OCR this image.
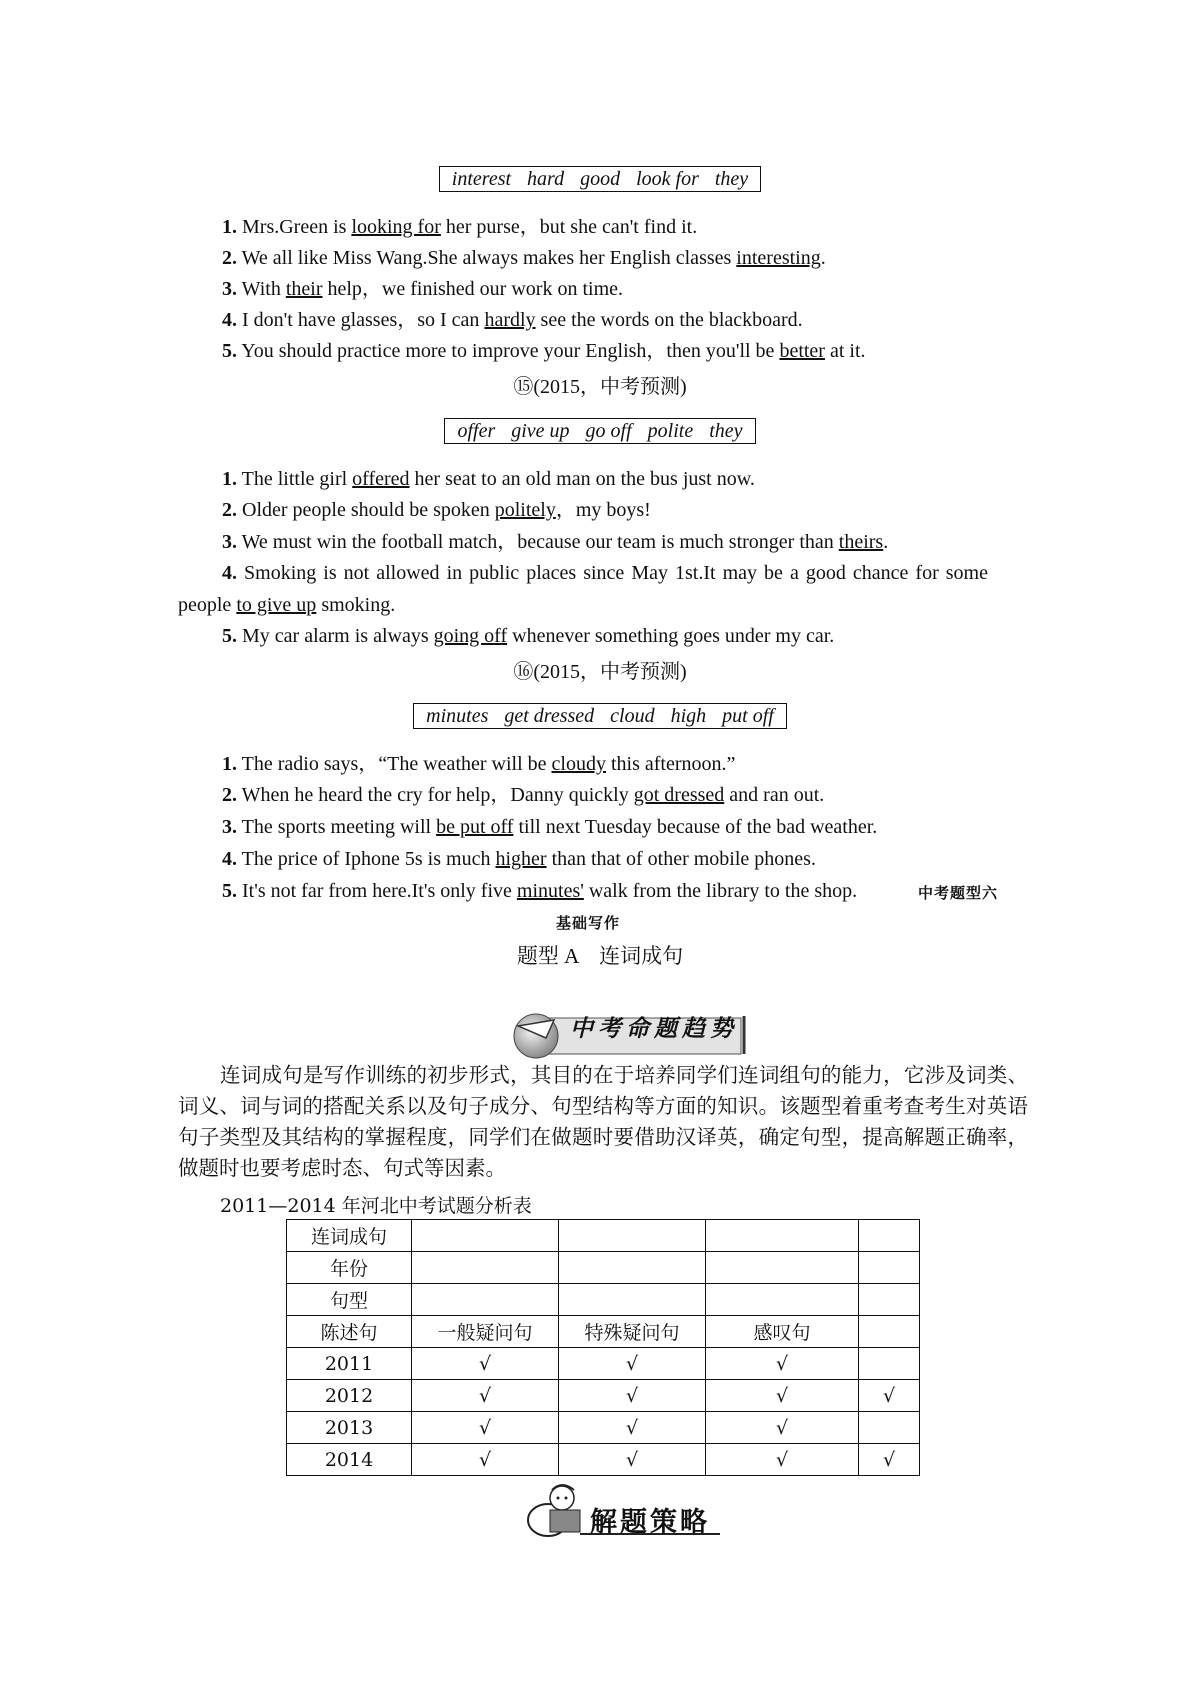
interest hard good look for they
1. Mrs.Green is looking for her purse，but she can't find it.
2. We all like Miss Wang.She always makes her English classes interesting.
3. With their help，we finished our work on time.
4. I don't have glasses，so I can hardly see the words on the blackboard.
5. You should practice more to improve your English，then you'll be better at it.
⑮(2015，中考预测)
offer give up go off polite they
1. The little girl offered her seat to an old man on the bus just now.
2. Older people should be spoken politely，my boys!
3. We must win the football match，because our team is much stronger than theirs.
4. Smoking is not allowed in public places since May 1st.It may be a good chance for some people to give up smoking.
5. My car alarm is always going off whenever something goes under my car.
⑯(2015，中考预测)
minutes get dressed cloud high put off
1. The radio says，“The weather will be cloudy this afternoon.”
2. When he heard the cry for help，Danny quickly got dressed and ran out.
3. The sports meeting will be put off till next Tuesday because of the bad weather.
4. The price of Iphone 5s is much higher than that of other mobile phones.
5. It's not far from here.It's only five minutes' walk from the library to the shop.	中考题型六
基础写作
题型 A　连词成句
中考命题趋势
连词成句是写作训练的初步形式，其目的在于培养同学们连词组句的能力，它涉及词类、词义、词与词的搭配关系以及句子成分、句型结构等方面的知识。该题型着重考查考生对英语句子类型及其结构的掌握程度，同学们在做题时要借助汉译英，确定句型，提高解题正确率，做题时也要考虑时态、句式等因素。
2011—2014 年河北中考试题分析表
连词成句				
年份				
句型				
陈述句	一般疑问句	特殊疑问句	感叹句	
2011	√	√	√	
2012	√	√	√	√
2013	√	√	√	
2014	√	√	√	√
解题策略
